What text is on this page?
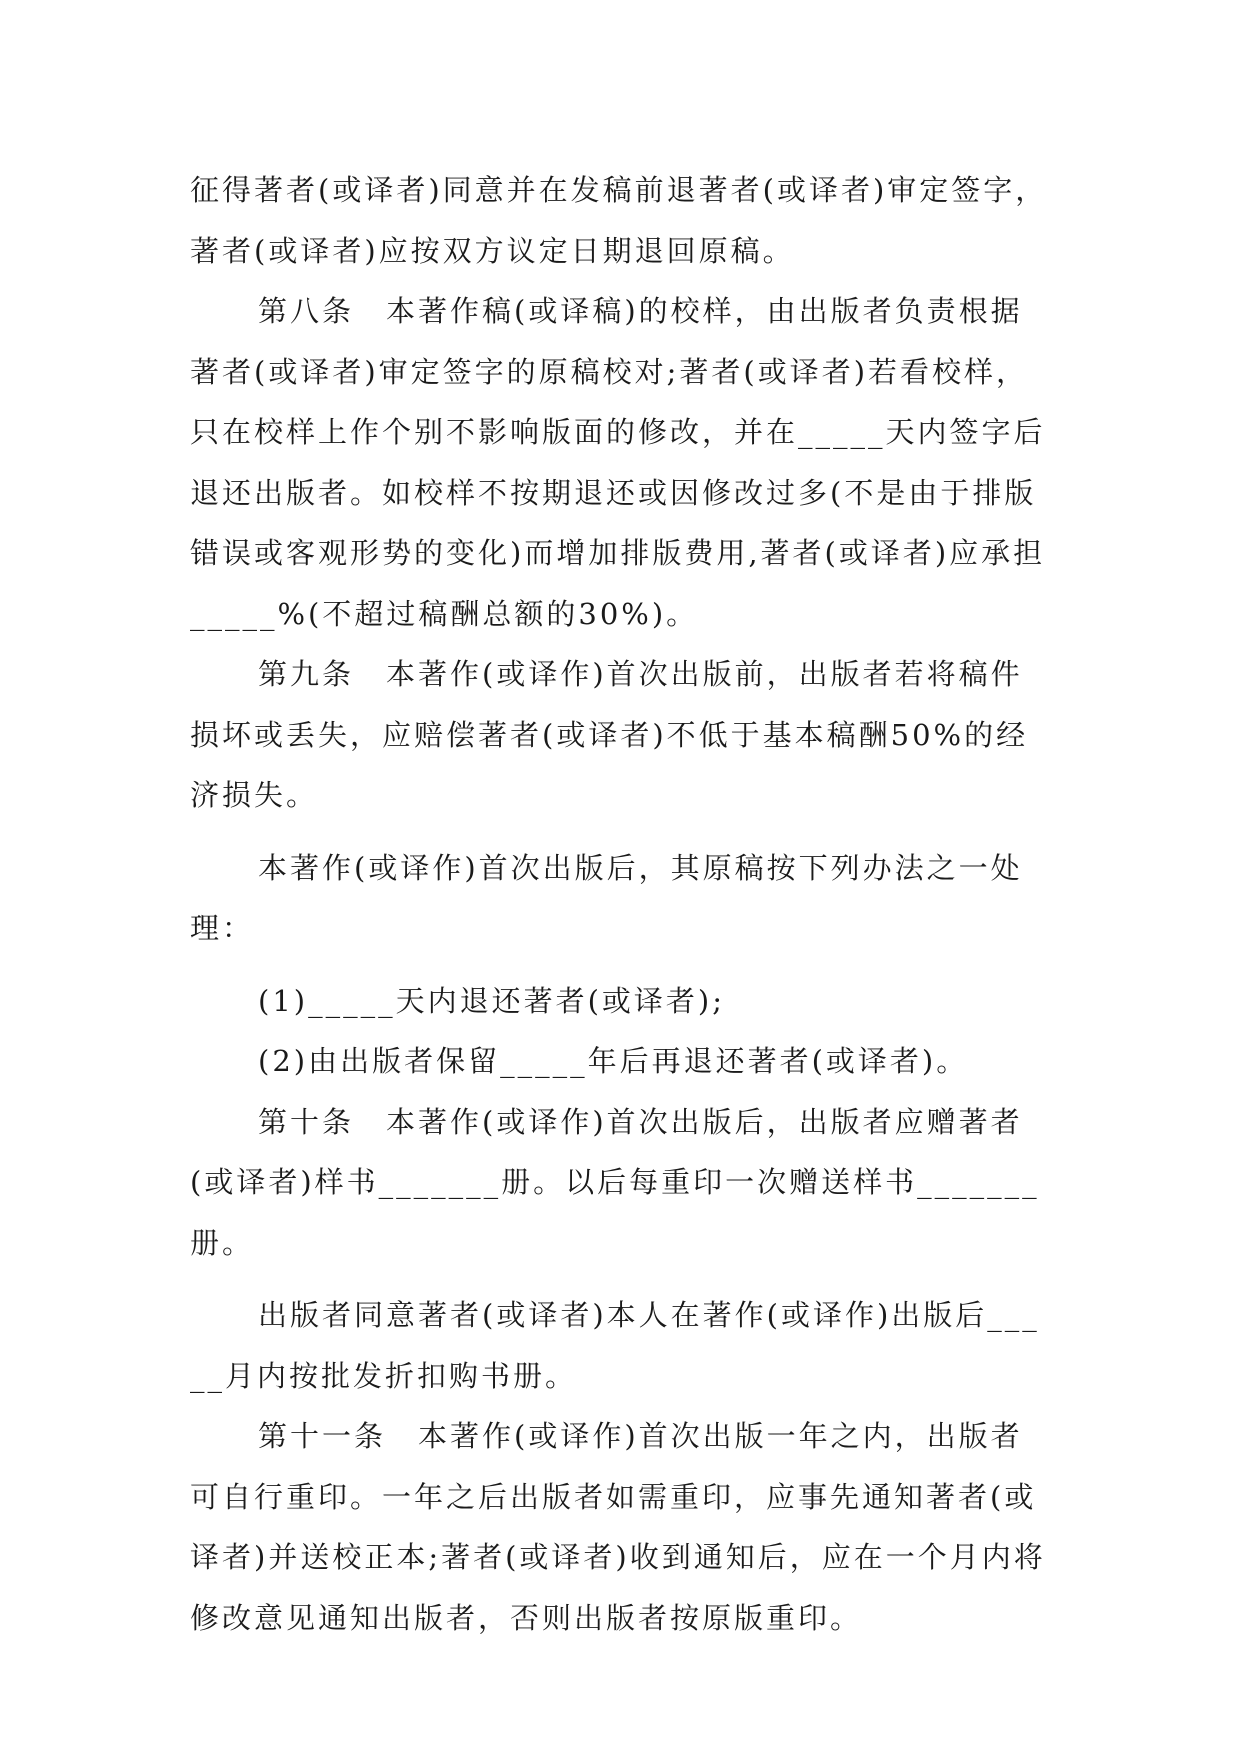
征得著者(或译者)同意并在发稿前退著者(或译者)审定签字，著者(或译者)应按双方议定日期退回原稿。

第八条　本著作稿(或译稿)的校样，由出版者负责根据著者(或译者)审定签字的原稿校对;著者(或译者)若看校样，只在校样上作个别不影响版面的修改，并在_____天内签字后退还出版者。如校样不按期退还或因修改过多(不是由于排版错误或客观形势的变化)而增加排版费用,著者(或译者)应承担_____%(不超过稿酬总额的30%)。

第九条　本著作(或译作)首次出版前，出版者若将稿件损坏或丢失，应赔偿著者(或译者)不低于基本稿酬50%的经济损失。

本著作(或译作)首次出版后，其原稿按下列办法之一处理：

(1)_____天内退还著者(或译者);

(2)由出版者保留_____年后再退还著者(或译者)。

第十条　本著作(或译作)首次出版后，出版者应赠著者(或译者)样书_______册。以后每重印一次赠送样书_______册。

出版者同意著者(或译者)本人在著作(或译作)出版后_____月内按批发折扣购书册。

第十一条　本著作(或译作)首次出版一年之内，出版者可自行重印。一年之后出版者如需重印，应事先通知著者(或译者)并送校正本;著者(或译者)收到通知后，应在一个月内将修改意见通知出版者，否则出版者按原版重印。
